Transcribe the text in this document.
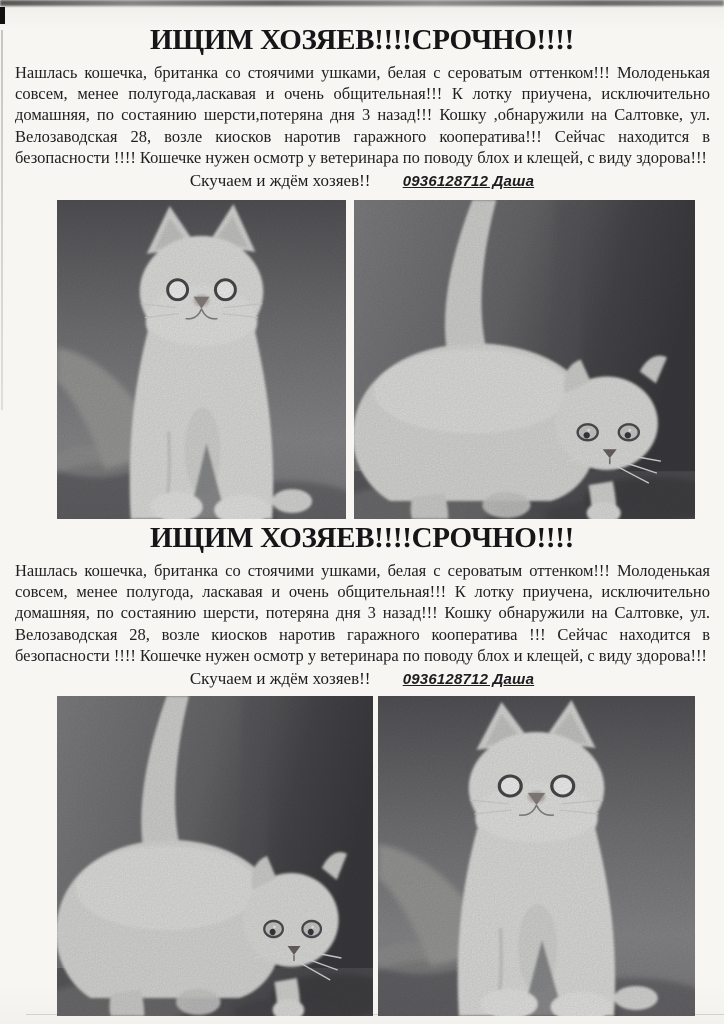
ИЩИМ ХОЗЯЕВ!!!!СРОЧНО!!!!
Нашлась кошечка, британка со стоячими ушками, белая с сероватым оттенком!!! Молоденькая
совсем, менее полугода,ласкавая и очень общительная!!! К лотку приучена, исключительно
домашняя, по состаянию шерсти,потеряна дня 3 назад!!! Кошку ,обнаружили на Салтовке, ул.
Велозаводская 28, возле киосков наротив гаражного кооператива!!! Сейчас находится в
безопасности !!!! Кошечке нужен осмотр у ветеринара по поводу блох и клещей, с виду здорова!!!
Скучаем и ждём хозяев!! 0936128712 Даша
ИЩИМ ХОЗЯЕВ!!!!СРОЧНО!!!!
Нашлась кошечка, британка со стоячими ушками, белая с сероватым оттенком!!! Молоденькая
совсем, менее полугода, ласкавая и очень общительная!!! К лотку приучена, исключительно
домашняя, по состаянию шерсти, потеряна дня 3 назад!!! Кошку обнаружили на Салтовке, ул.
Велозаводская 28, возле киосков наротив гаражного кооператива !!! Сейчас находится в
безопасности !!!! Кошечке нужен осмотр у ветеринара по поводу блох и клещей, с виду здорова!!!
Скучаем и ждём хозяев!! 0936128712 Даша
